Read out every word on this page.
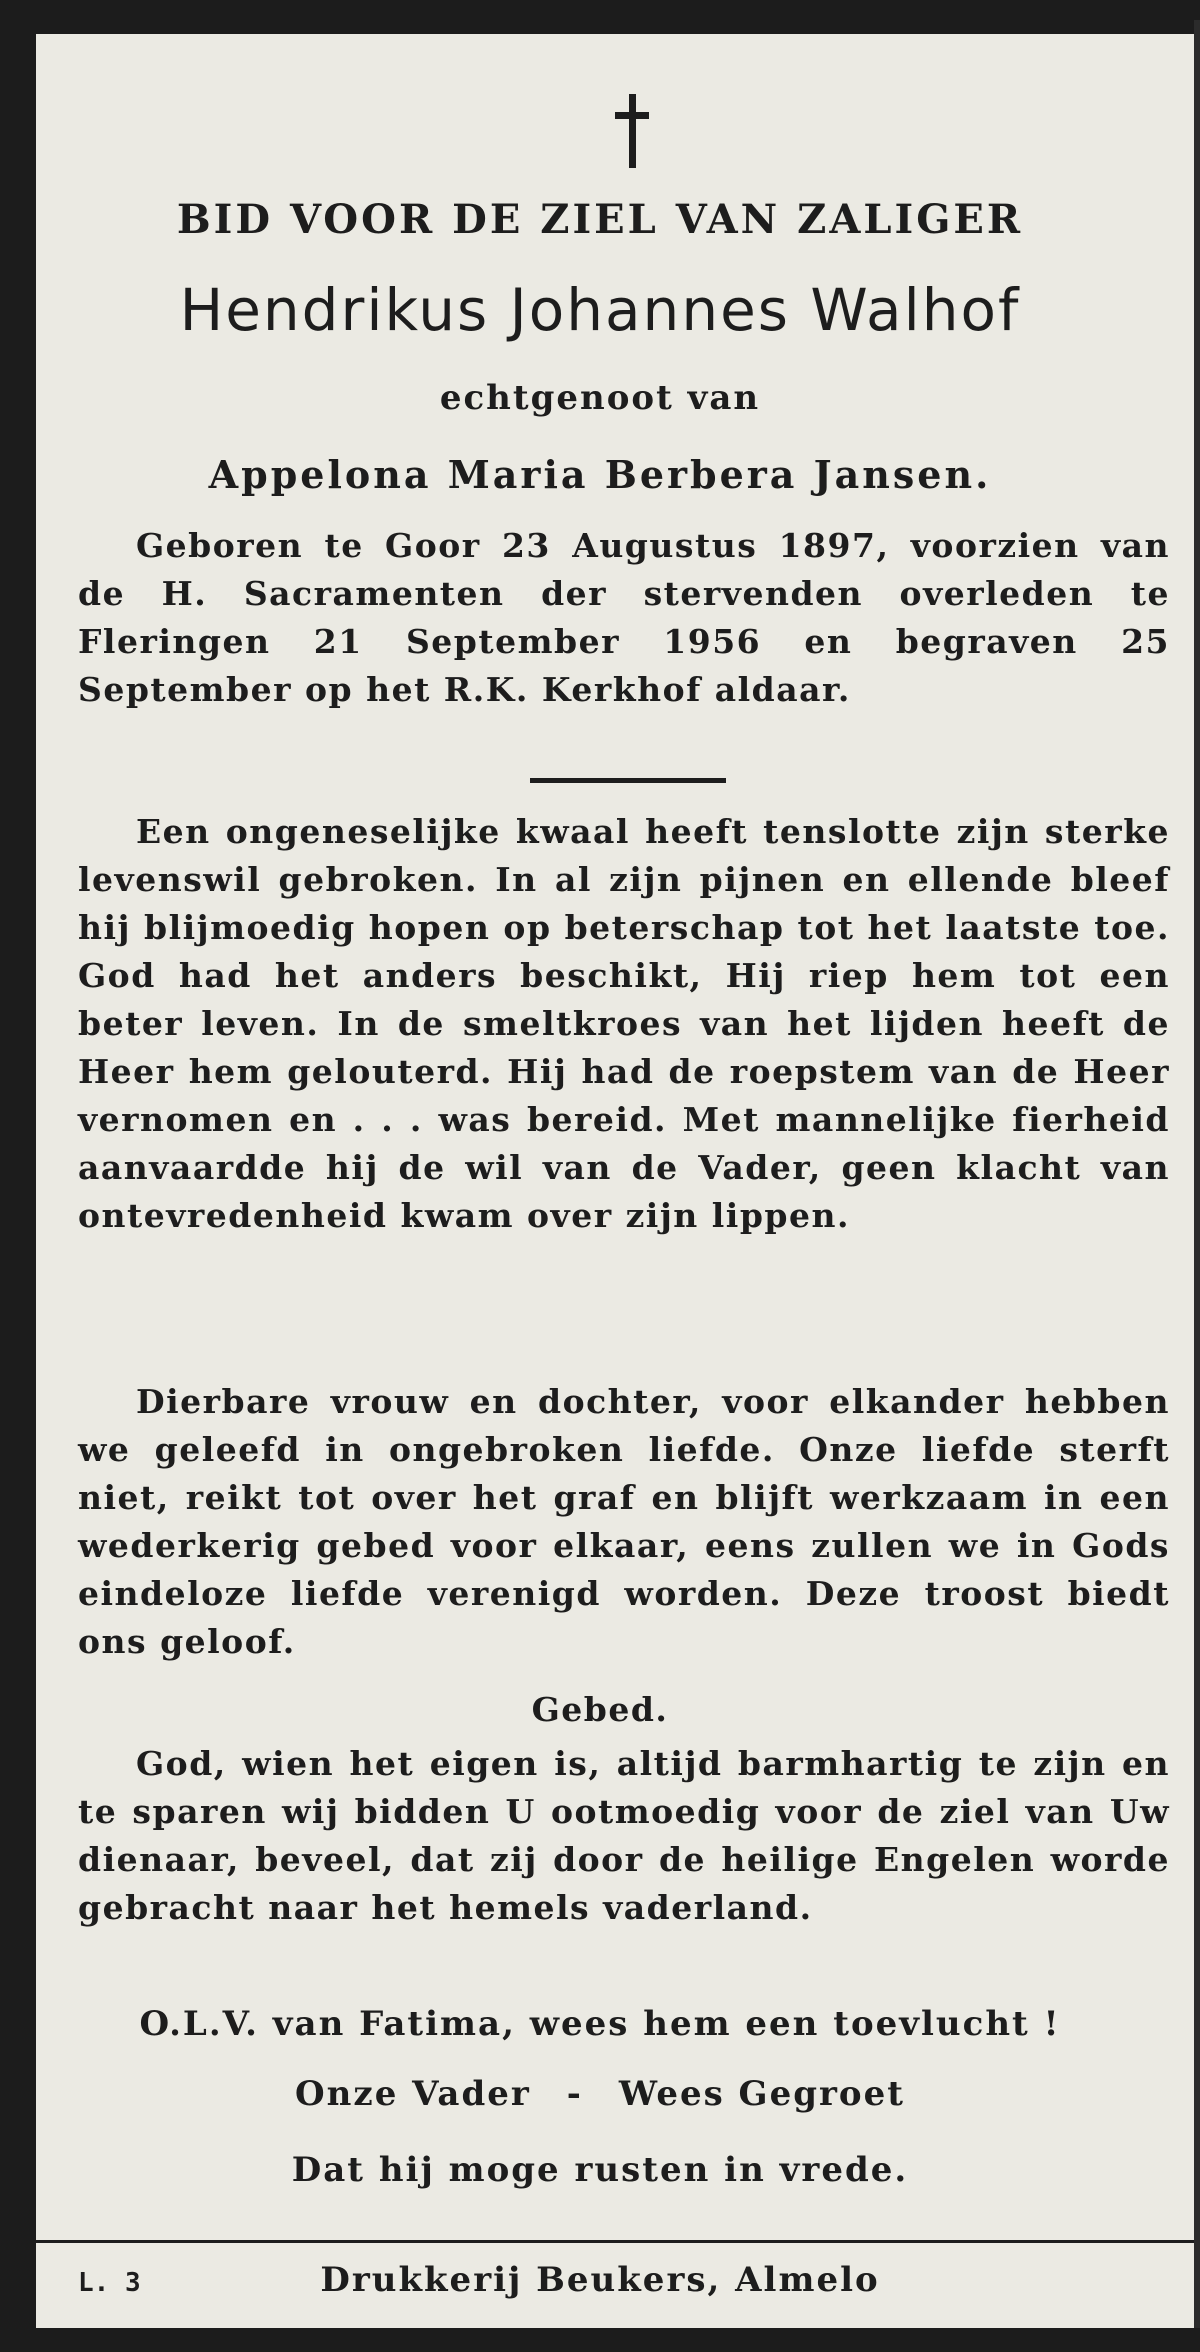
BID VOOR DE ZIEL VAN ZALIGER
Hendrikus Johannes Walhof
echtgenoot van
Appelona Maria Berbera Jansen.
Geboren te Goor 23 Augustus 1897, voorzien van de H. Sacramenten der stervenden overleden te Fleringen 21 September 1956 en begraven 25 September op het R.K. Kerkhof aldaar.
Een ongeneselijke kwaal heeft tenslotte zijn sterke levenswil gebroken. In al zijn pijnen en ellende bleef hij blijmoedig hopen op beterschap tot het laatste toe. God had het anders beschikt, Hij riep hem tot een beter leven. In de smeltkroes van het lijden heeft de Heer hem gelouterd. Hij had de roepstem van de Heer vernomen en . . . was bereid. Met mannelijke fierheid aanvaardde hij de wil van de Vader, geen klacht van ontevredenheid kwam over zijn lippen.
Dierbare vrouw en dochter, voor elkander hebben we geleefd in ongebroken liefde. Onze liefde sterft niet, reikt tot over het graf en blijft werkzaam in een wederkerig gebed voor elkaar, eens zullen we in Gods eindeloze liefde verenigd worden. Deze troost biedt ons geloof.
Gebed.
God, wien het eigen is, altijd barmhartig te zijn en te sparen wij bidden U ootmoedig voor de ziel van Uw dienaar, beveel, dat zij door de heilige Engelen worde gebracht naar het hemels vaderland.
O.L.V. van Fatima, wees hem een toevlucht !
Onze Vader - Wees Gegroet
Dat hij moge rusten in vrede.
L. 3	Drukkerij Beukers, Almelo
